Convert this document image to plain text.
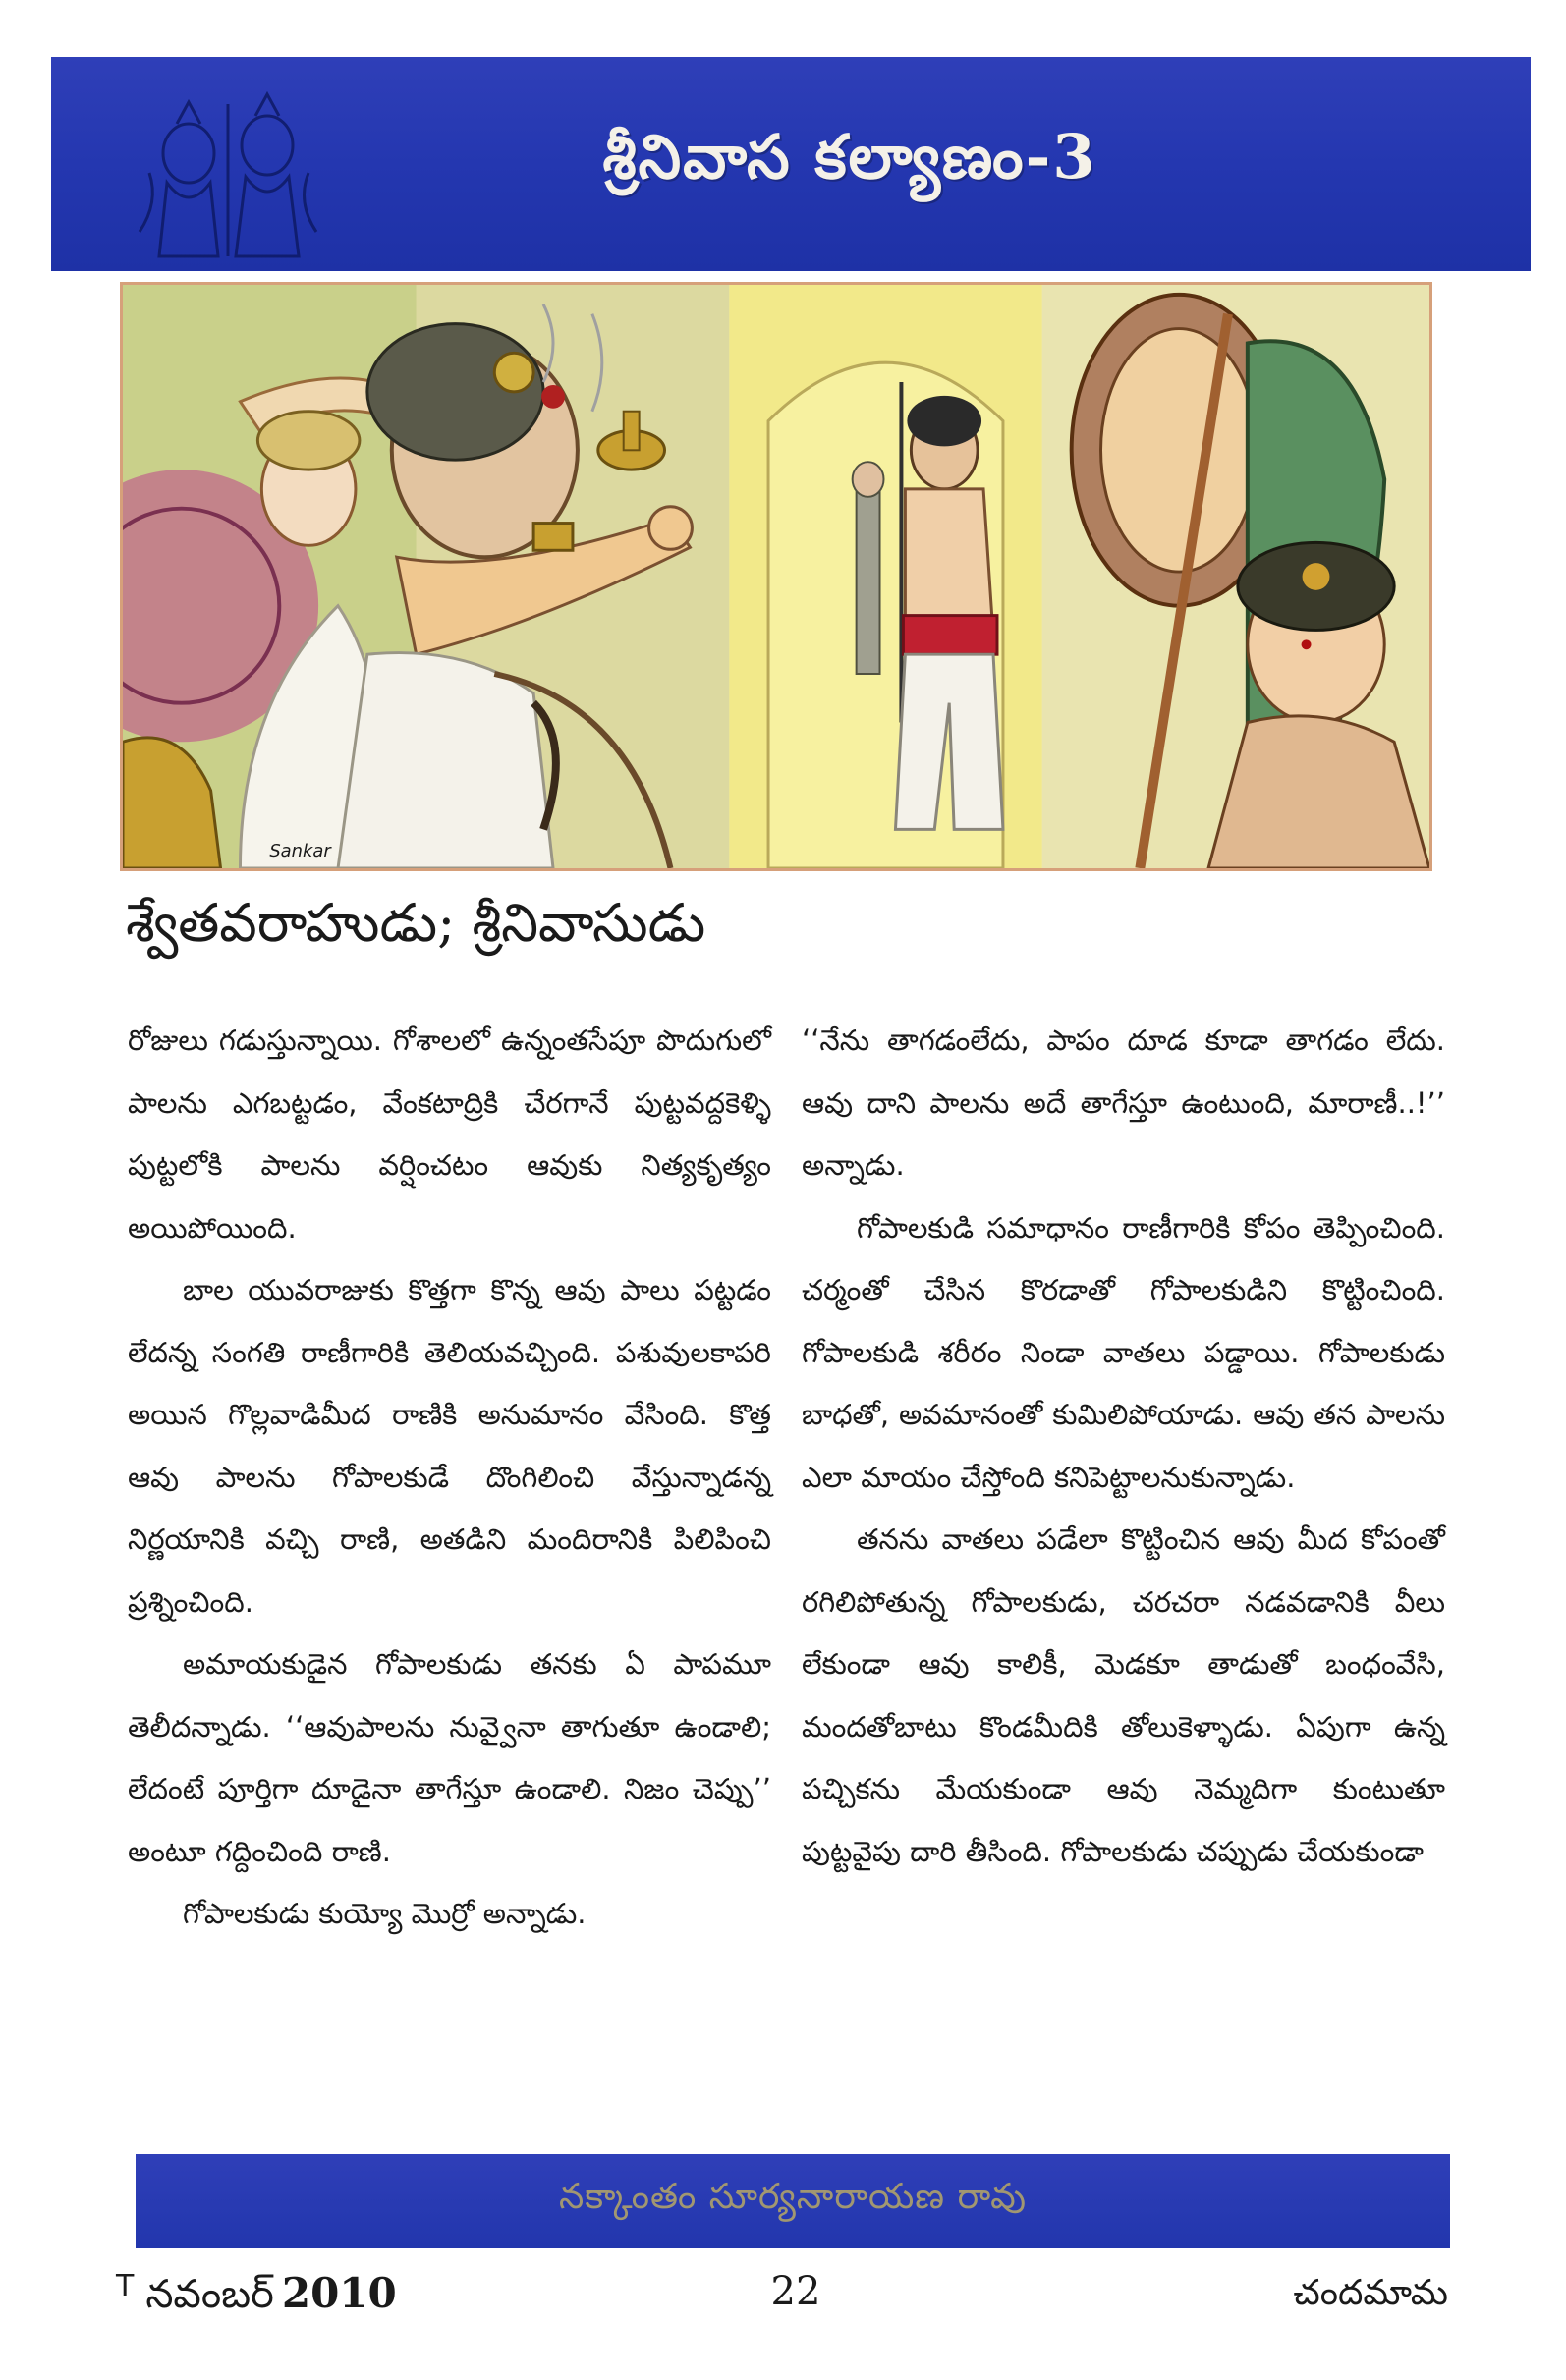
శ్రీనివాస కల్యాణం-3
Sankar
శ్వేతవరాహుడు; శ్రీనివాసుడు

రోజులు గడుస్తున్నాయి. గోశాలలో ఉన్నంతసేపూ పొదుగులో పాలను ఎగబట్టడం, వేంకటాద్రికి చేరగానే పుట్టవద్దకెళ్ళి పుట్టలోకి పాలను వర్షించటం ఆవుకు నిత్యకృత్యం అయిపోయింది.

బాల యువరాజుకు కొత్తగా కొన్న ఆవు పాలు పట్టడం లేదన్న సంగతి రాణీగారికి తెలియవచ్చింది. పశువులకాపరి అయిన గొల్లవాడిమీద రాణికి అనుమానం వేసింది. కొత్త ఆవు పాలను గోపాలకుడే దొంగిలించి వేస్తున్నాడన్న నిర్ణయానికి వచ్చి రాణి, అతడిని మందిరానికి పిలిపించి ప్రశ్నించింది.

అమాయకుడైన గోపాలకుడు తనకు ఏ పాపమూ తెలీదన్నాడు. ‘‘ఆవుపాలను నువ్వైనా తాగుతూ ఉండాలి; లేదంటే పూర్తిగా దూడైనా తాగేస్తూ ఉండాలి. నిజం చెప్పు’’ అంటూ గద్దించింది రాణి.

గోపాలకుడు కుయ్యో మొర్రో అన్నాడు.

‘‘నేను తాగడంలేదు, పాపం దూడ కూడా తాగడం లేదు. ఆవు దాని పాలను అదే తాగేస్తూ ఉంటుంది, మారాణీ..!’’ అన్నాడు.

గోపాలకుడి సమాధానం రాణీగారికి కోపం తెప్పించింది. చర్మంతో చేసిన కొరడాతో గోపాలకుడిని కొట్టించింది. గోపాలకుడి శరీరం నిండా వాతలు పడ్డాయి. గోపాలకుడు బాధతో, అవమానంతో కుమిలిపోయాడు. ఆవు తన పాలను ఎలా మాయం చేస్తోంది కనిపెట్టాలనుకున్నాడు.

తనను వాతలు పడేలా కొట్టించిన ఆవు మీద కోపంతో రగిలిపోతున్న గోపాలకుడు, చరచరా నడవడానికి వీలు లేకుండా ఆవు కాలికీ, మెడకూ తాడుతో బంధంవేసి, మందతోబాటు కొండమీదికి తోలుకెళ్ళాడు. ఏపుగా ఉన్న పచ్చికను మేయకుండా ఆవు నెమ్మదిగా కుంటుతూ పుట్టవైపు దారి తీసింది. గోపాలకుడు చప్పుడు చేయకుండా

నక్కాంతం సూర్యనారాయణ రావు
$^T$ నవంబర్ 2010	22	చందమామ
